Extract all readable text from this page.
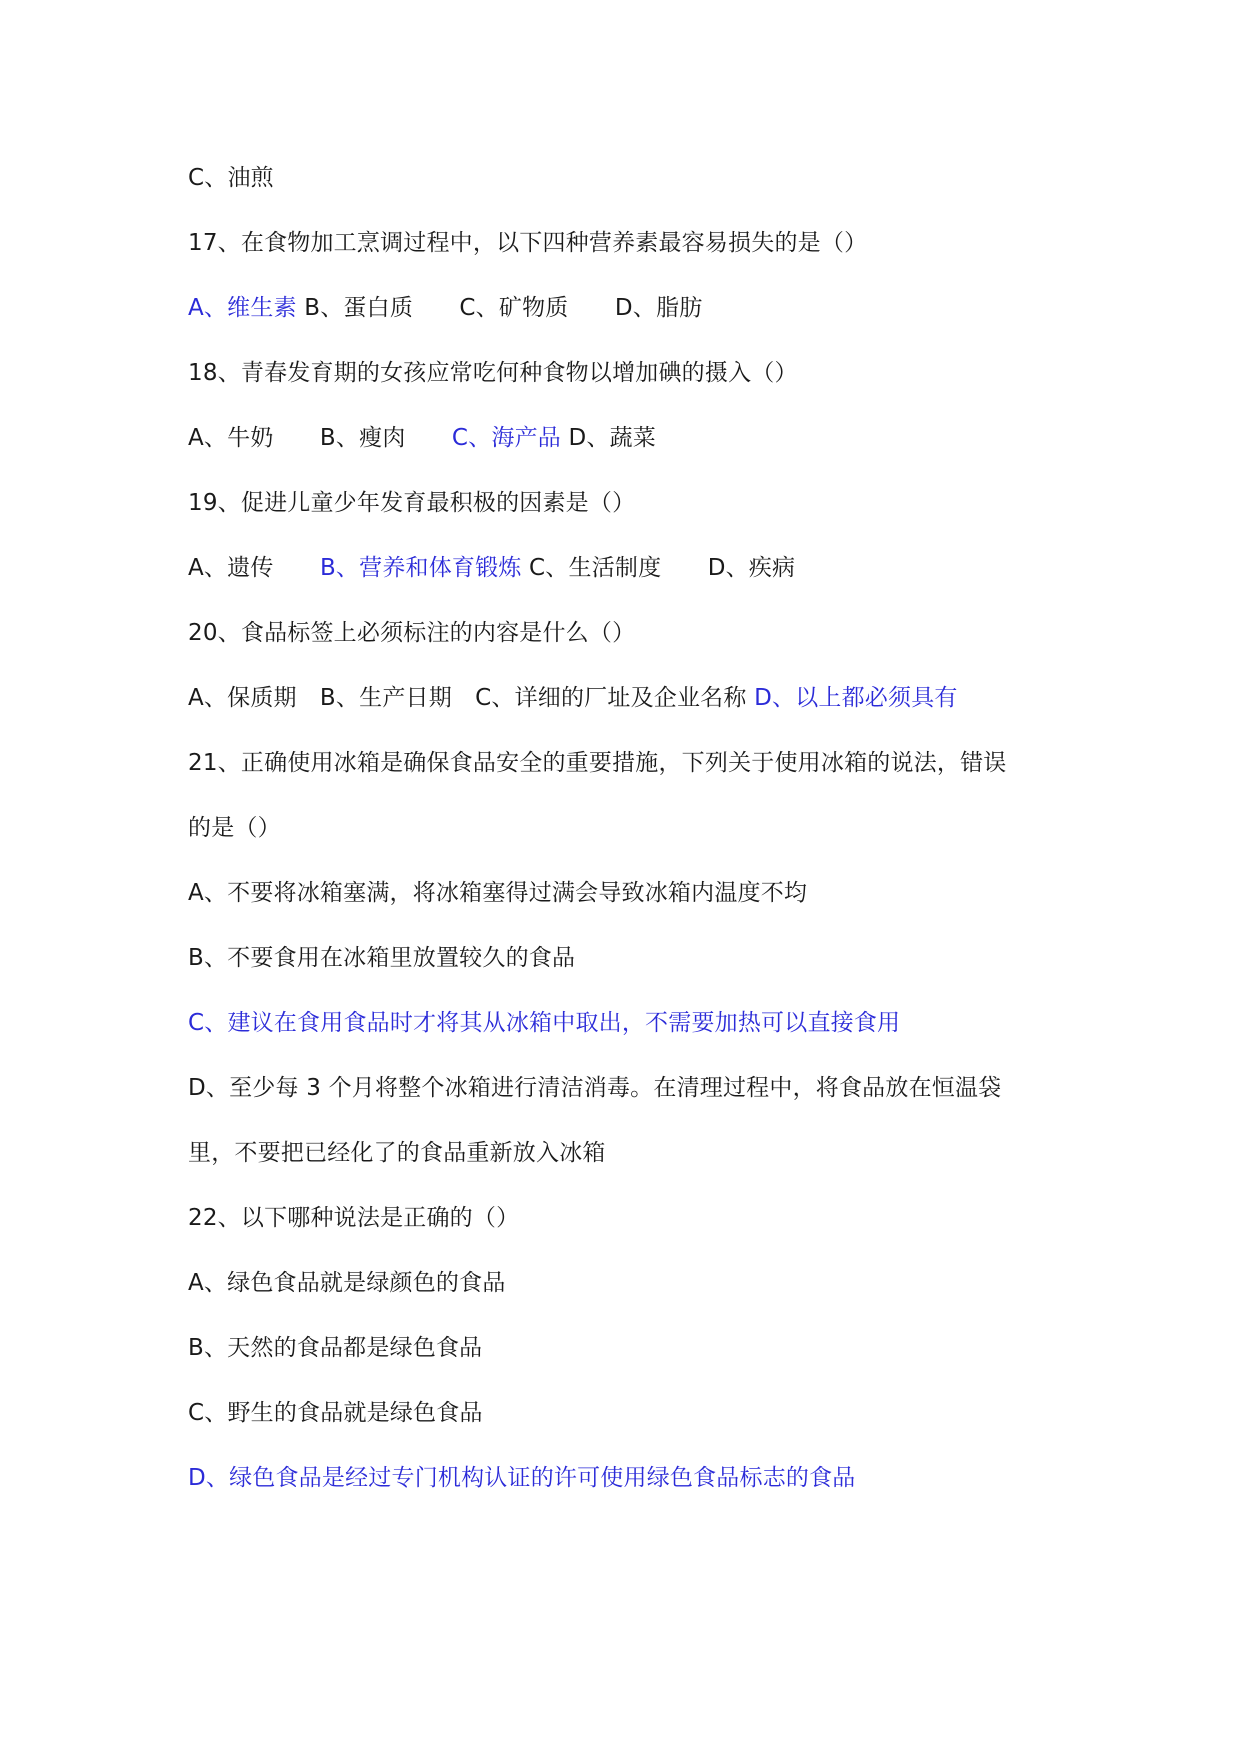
C、油煎
17、在食物加工烹调过程中，以下四种营养素最容易损失的是（）
A、维生素 B、蛋白质　　C、矿物质　　D、脂肪
18、青春发育期的女孩应常吃何种食物以增加碘的摄入（）
A、牛奶　　B、瘦肉　　C、海产品 D、蔬菜
19、促进儿童少年发育最积极的因素是（）
A、遗传　　B、营养和体育锻炼 C、生活制度　　D、疾病
20、食品标签上必须标注的内容是什么（）
A、保质期　B、生产日期　C、详细的厂址及企业名称 D、以上都必须具有
21、正确使用冰箱是确保食品安全的重要措施，下列关于使用冰箱的说法，错误
的是（）
A、不要将冰箱塞满，将冰箱塞得过满会导致冰箱内温度不均
B、不要食用在冰箱里放置较久的食品
C、建议在食用食品时才将其从冰箱中取出，不需要加热可以直接食用
D、至少每 3 个月将整个冰箱进行清洁消毒。在清理过程中，将食品放在恒温袋
里，不要把已经化了的食品重新放入冰箱
22、以下哪种说法是正确的（）
A、绿色食品就是绿颜色的食品
B、天然的食品都是绿色食品
C、野生的食品就是绿色食品
D、绿色食品是经过专门机构认证的许可使用绿色食品标志的食品
